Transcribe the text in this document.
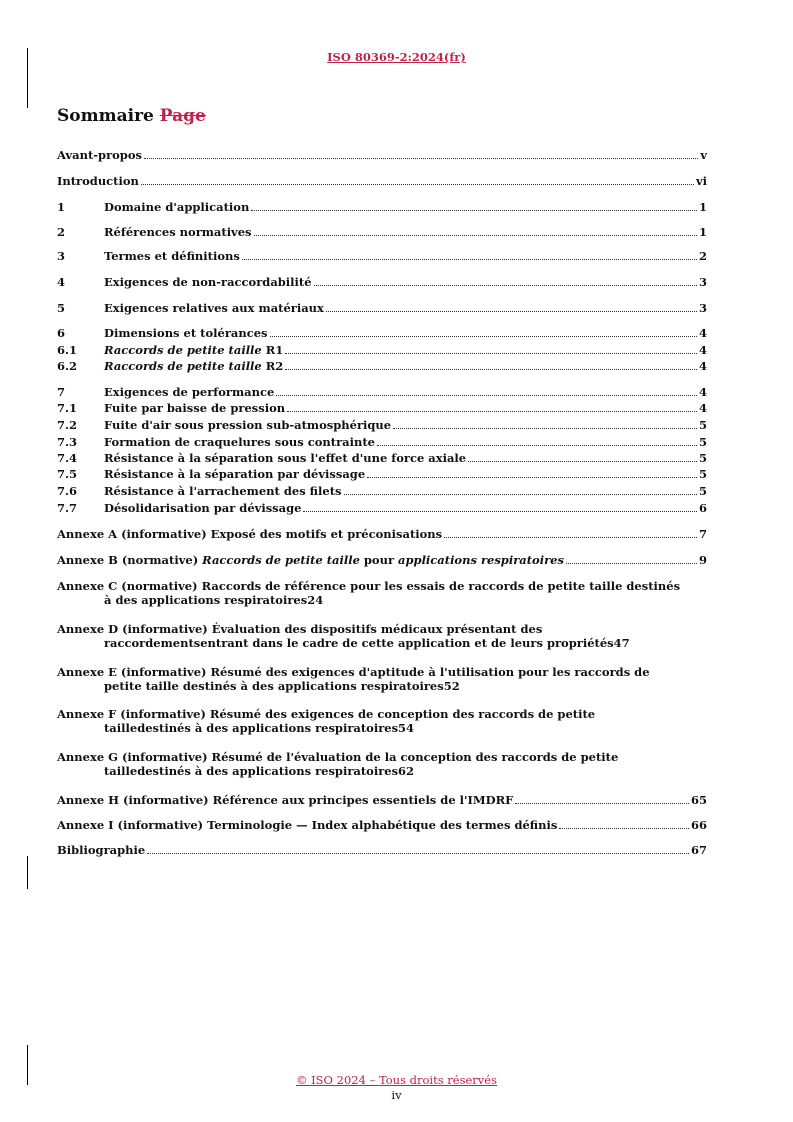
ISO 80369-2:2024(fr)
Sommaire Page
Avant-propos	v
Introduction	vi
1	Domaine d'application	1
2	Références normatives	1
3	Termes et définitions	2
4	Exigences de non-raccordabilité	3
5	Exigences relatives aux matériaux	3
6	Dimensions et tolérances	4
6.1	Raccords de petite taille R1	4
6.2	Raccords de petite taille R2	4
7	Exigences de performance	4
7.1	Fuite par baisse de pression	4
7.2	Fuite d'air sous pression sub-atmosphérique	5
7.3	Formation de craquelures sous contrainte	5
7.4	Résistance à la séparation sous l'effet d'une force axiale	5
7.5	Résistance à la séparation par dévissage	5
7.6	Résistance à l'arrachement des filets	5
7.7	Désolidarisation par dévissage	6
Annexe A (informative) Exposé des motifs et préconisations	7
Annexe B (normative) Raccords de petite taille pour applications respiratoires	9
Annexe C (normative) Raccords de référence pour les essais de raccords de petite taille destinés
à des applications respiratoires 24
Annexe D (informative) Évaluation des dispositifs médicaux présentant des
raccordementsentrant dans le cadre de cette application et de leurs propriétés 47
Annexe E (informative) Résumé des exigences d'aptitude à l'utilisation pour les raccords de
petite taille destinés à des applications respiratoires 52
Annexe F (informative) Résumé des exigences de conception des raccords de petite
tailledestinés à des applications respiratoires 54
Annexe G (informative) Résumé de l'évaluation de la conception des raccords de petite
tailledestinés à des applications respiratoires 62
Annexe H (informative) Référence aux principes essentiels de l'IMDRF	65
Annexe I (informative) Terminologie — Index alphabétique des termes définis	66
Bibliographie	67
© ISO 2024 – Tous droits réservés
iv
